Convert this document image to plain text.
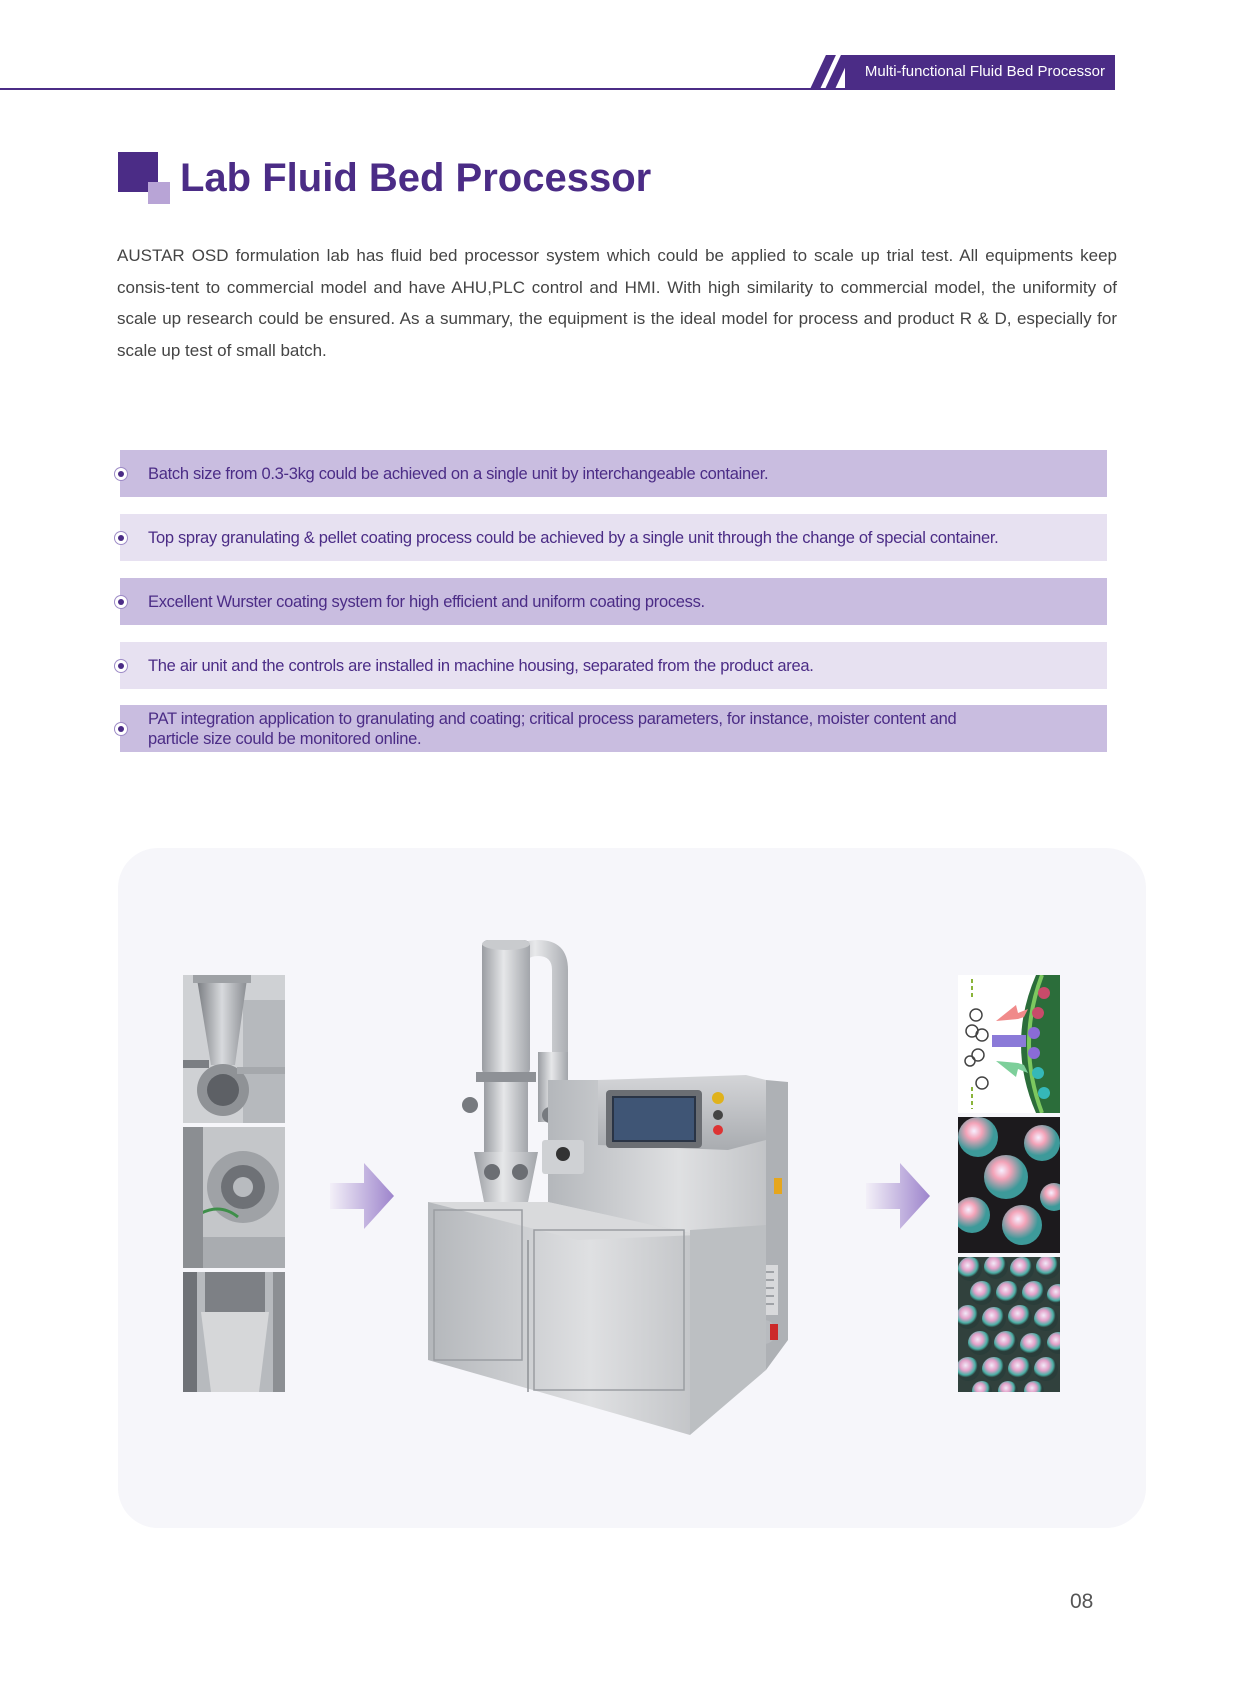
Multi-functional Fluid Bed Processor
Lab Fluid Bed Processor

AUSTAR OSD formulation lab has fluid bed processor system which could be applied to scale up trial test. All equipments keep consis-tent to commercial model and have AHU,PLC control and HMI. With high similarity to commercial model, the uniformity of scale up research could be ensured. As a summary, the equipment is the ideal model for process and product R & D, especially for scale up test of small batch.

Batch size from 0.3-3kg could be achieved on a single unit by interchangeable container.
Top spray granulating & pellet coating process could be achieved by a single unit through the change of special container.
Excellent Wurster coating system for high efficient and uniform coating process.
The air unit and the controls are installed in machine housing, separated from the product area.
PAT integration application to granulating and coating; critical process parameters, for instance, moister content and particle size could be monitored online.
08
